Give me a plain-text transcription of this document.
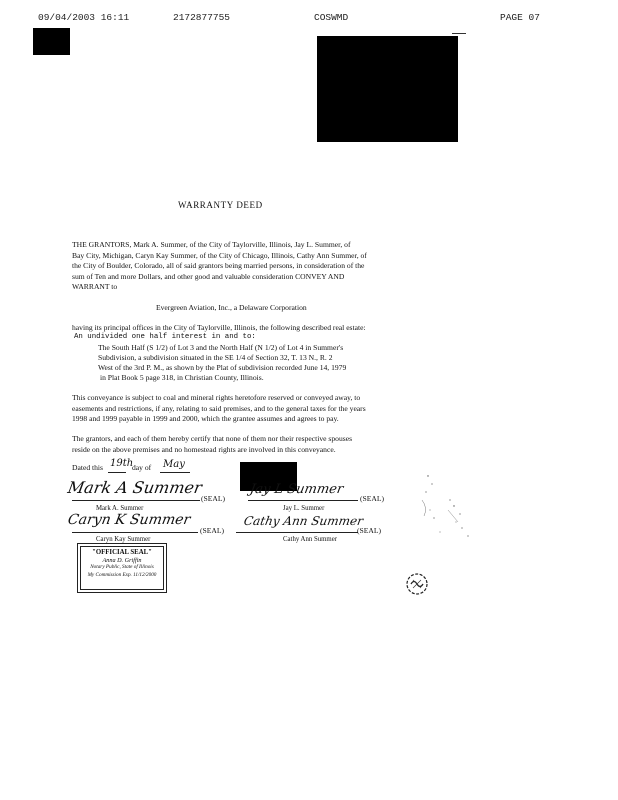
09/04/2003 16:11	2172877755	COSWMD	PAGE 07
WARRANTY DEED
THE GRANTORS, Mark A. Summer, of the City of Taylorville, Illinois, Jay L. Summer, of
Bay City, Michigan, Caryn Kay Summer, of the City of Chicago, Illinois, Cathy Ann Summer, of
the City of Boulder, Colorado, all of said grantors being married persons, in consideration of the
sum of Ten and more Dollars, and other good and valuable consideration CONVEY AND
WARRANT to
Evergreen Aviation, Inc., a Delaware Corporation
having its principal offices in the City of Taylorville, Illinois, the following described real estate:
An undivided one half interest in and to:
The South Half (S 1/2) of Lot 3 and the North Half (N 1/2) of Lot 4 in Summer's
Subdivision, a subdivision situated in the SE 1/4 of Section 32, T. 13 N., R. 2
West of the 3rd P. M., as shown by the Plat of subdivision recorded June 14, 1979
in Plat Book 5 page 318, in Christian County, Illinois.
This conveyance is subject to coal and mineral rights heretofore reserved or conveyed away, to
easements and restrictions, if any, relating to said premises, and to the general taxes for the years
1998 and 1999 payable in 1999 and 2000, which the grantee assumes and agrees to pay.
The grantors, and each of them hereby certify that none of them nor their respective spouses
reside on the above premises and no homestead rights are involved in this conveyance.
Dated this 19th
day of May
Mark A Summer
(SEAL)
Mark A. Summer
Jay L Summer
(SEAL)
Jay L. Summer
Caryn K Summer
(SEAL)
Caryn Kay Summer
Cathy Ann Summer
(SEAL)
Cathy Ann Summer
"OFFICIAL SEAL"
Anna D. Griffin
Notary Public, State of Illinois
My Commission Exp. 11/12/2000
